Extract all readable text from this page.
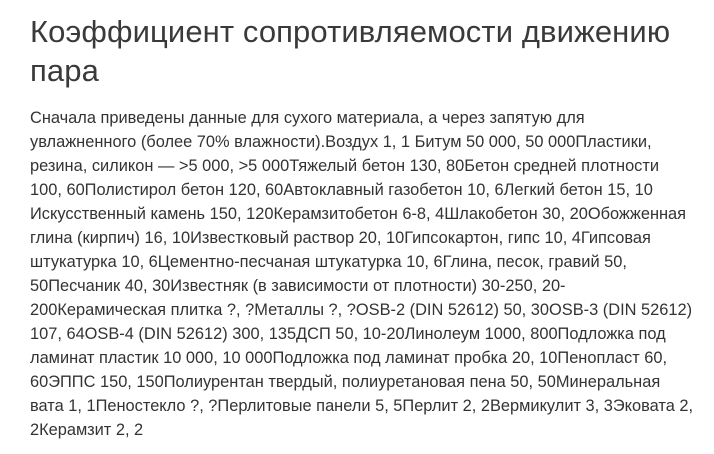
Коэффициент сопротивляемости движению пара

Сначала приведены данные для сухого материала, а через запятую для увлажненного (более 70% влажности).Воздух 1, 1 Битум 50 000, 50 000Пластики, резина, силикон — >5 000, >5 000Тяжелый бетон 130, 80Бетон средней плотности 100, 60Полистирол бетон 120, 60Автоклавный газобетон 10, 6Легкий бетон 15, 10 Искусственный камень 150, 120Керамзитобетон 6-8, 4Шлакобетон 30, 20Обожженная глина (кирпич) 16, 10Известковый раствор 20, 10Гипсокартон, гипс 10, 4Гипсовая штукатурка 10, 6Цементно-песчаная штукатурка 10, 6Глина, песок, гравий 50, 50Песчаник 40, 30Известняк (в зависимости от плотности) 30-250, 20-200Керамическая плитка ?, ?Металлы ?, ?OSB-2 (DIN 52612) 50, 30OSB-3 (DIN 52612) 107, 64OSB-4 (DIN 52612) 300, 135ДСП 50, 10-20Линолеум 1000, 800Подложка под ламинат пластик 10 000, 10 000Подложка под ламинат пробка 20, 10Пенопласт 60, 60ЭППС 150, 150Полиурентан твердый, полиуретановая пена 50, 50Минеральная вата 1, 1Пеностекло ?, ?Перлитовые панели 5, 5Перлит 2, 2Вермикулит 3, 3Эковата 2, 2Керамзит 2, 2
